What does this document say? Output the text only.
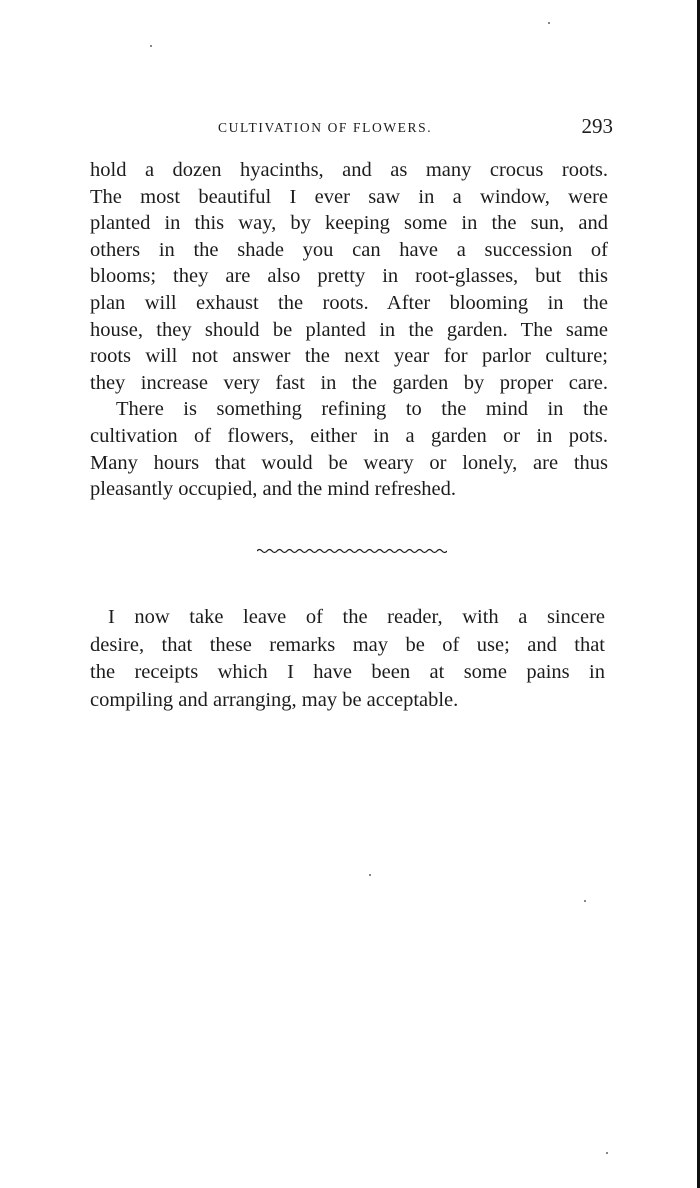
CULTIVATION OF FLOWERS.	293
hold a dozen hyacinths, and as many crocus roots.
The most beautiful I ever saw in a window, were
planted in this way, by keeping some in the sun, and
others in the shade you can have a succession of
blooms; they are also pretty in root-glasses, but this
plan will exhaust the roots. After blooming in the
house, they should be planted in the garden. The same
roots will not answer the next year for parlor culture;
they increase very fast in the garden by proper care.
There is something refining to the mind in the
cultivation of flowers, either in a garden or in pots.
Many hours that would be weary or lonely, are thus
pleasantly occupied, and the mind refreshed.
I now take leave of the reader, with a sincere
desire, that these remarks may be of use; and that
the receipts which I have been at some pains in
compiling and arranging, may be acceptable.
